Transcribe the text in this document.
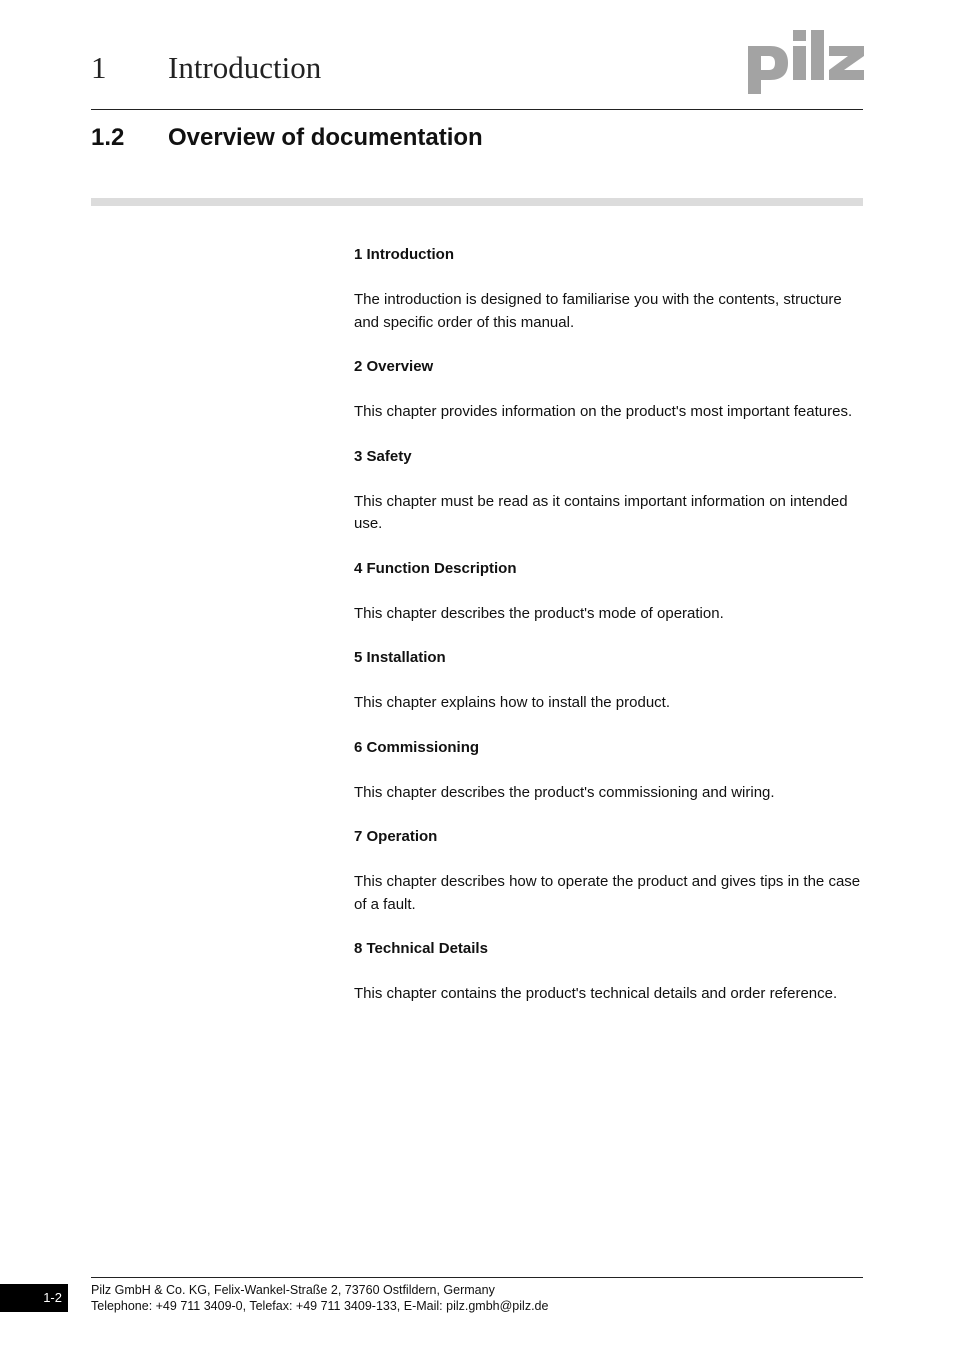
1 Introduction
1.2 Overview of documentation

1 Introduction

The introduction is designed to familiarise you with the contents, structure and specific order of this manual.

2 Overview

This chapter provides information on the product's most important features.

3 Safety

This chapter must be read as it contains important information on intended use.

4 Function Description

This chapter describes the product's mode of operation.

5 Installation

This chapter explains how to install the product.

6 Commissioning

This chapter describes the product's commissioning and wiring.

7 Operation

This chapter describes how to operate the product and gives tips in the case of a fault.

8 Technical Details

This chapter contains the product's technical details and order reference.

1-2	Pilz GmbH & Co. KG, Felix-Wankel-Straße 2, 73760 Ostfildern, Germany
Telephone: +49 711 3409-0, Telefax: +49 711 3409-133, E-Mail: pilz.gmbh@pilz.de
